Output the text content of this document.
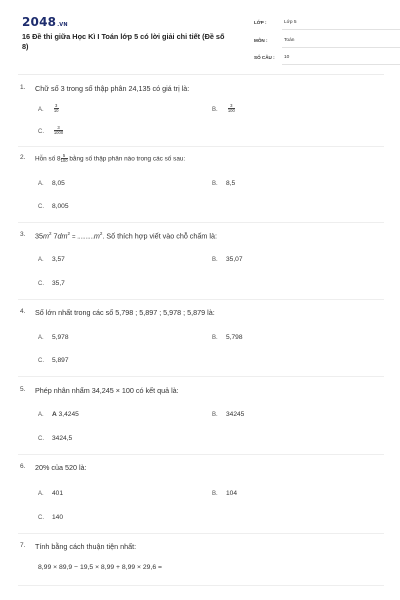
2048.VN
16 Đề thi giữa Học Kì I Toán lớp 5 có lời giải chi tiết (Đề số 8)
LỚP :	Lớp 5
MÔN :	Toán
SỐ CÂU : 10
1. Chữ số 3 trong số thập phân 24,135 có giá trị là:
A. $\frac{3}{10}$	B. $\frac{3}{100}$
C. $\frac{3}{1000}$
2. Hỗn số $8 \frac{5}{100}$ bằng số thập phân nào trong các số sau:
A. 8,05	B. 8,5
C. 8,005
3. $35m^2$ $7dm^2 = ..........m^2$. Số thích hợp viết vào chỗ chấm là:
A. 3,57	B. 35,07
C. 35,7
4. Số lớn nhất trong các số 5,798 ; 5,897 ; 5,978 ; 5,879 là:
A. 5,978	B. 5,798
C. 5,897
5. Phép nhân nhẩm 34,245 × 100 có kết quả là:
A. A 3,4245	B. 34245
C. 3424,5
6. 20% của 520 là:
A. 401	B. 104
C. 140
7. Tính bằng cách thuận tiện nhất:
8,99 × 89,9 − 19,5 × 8,99 + 8,99 × 29,6 =
